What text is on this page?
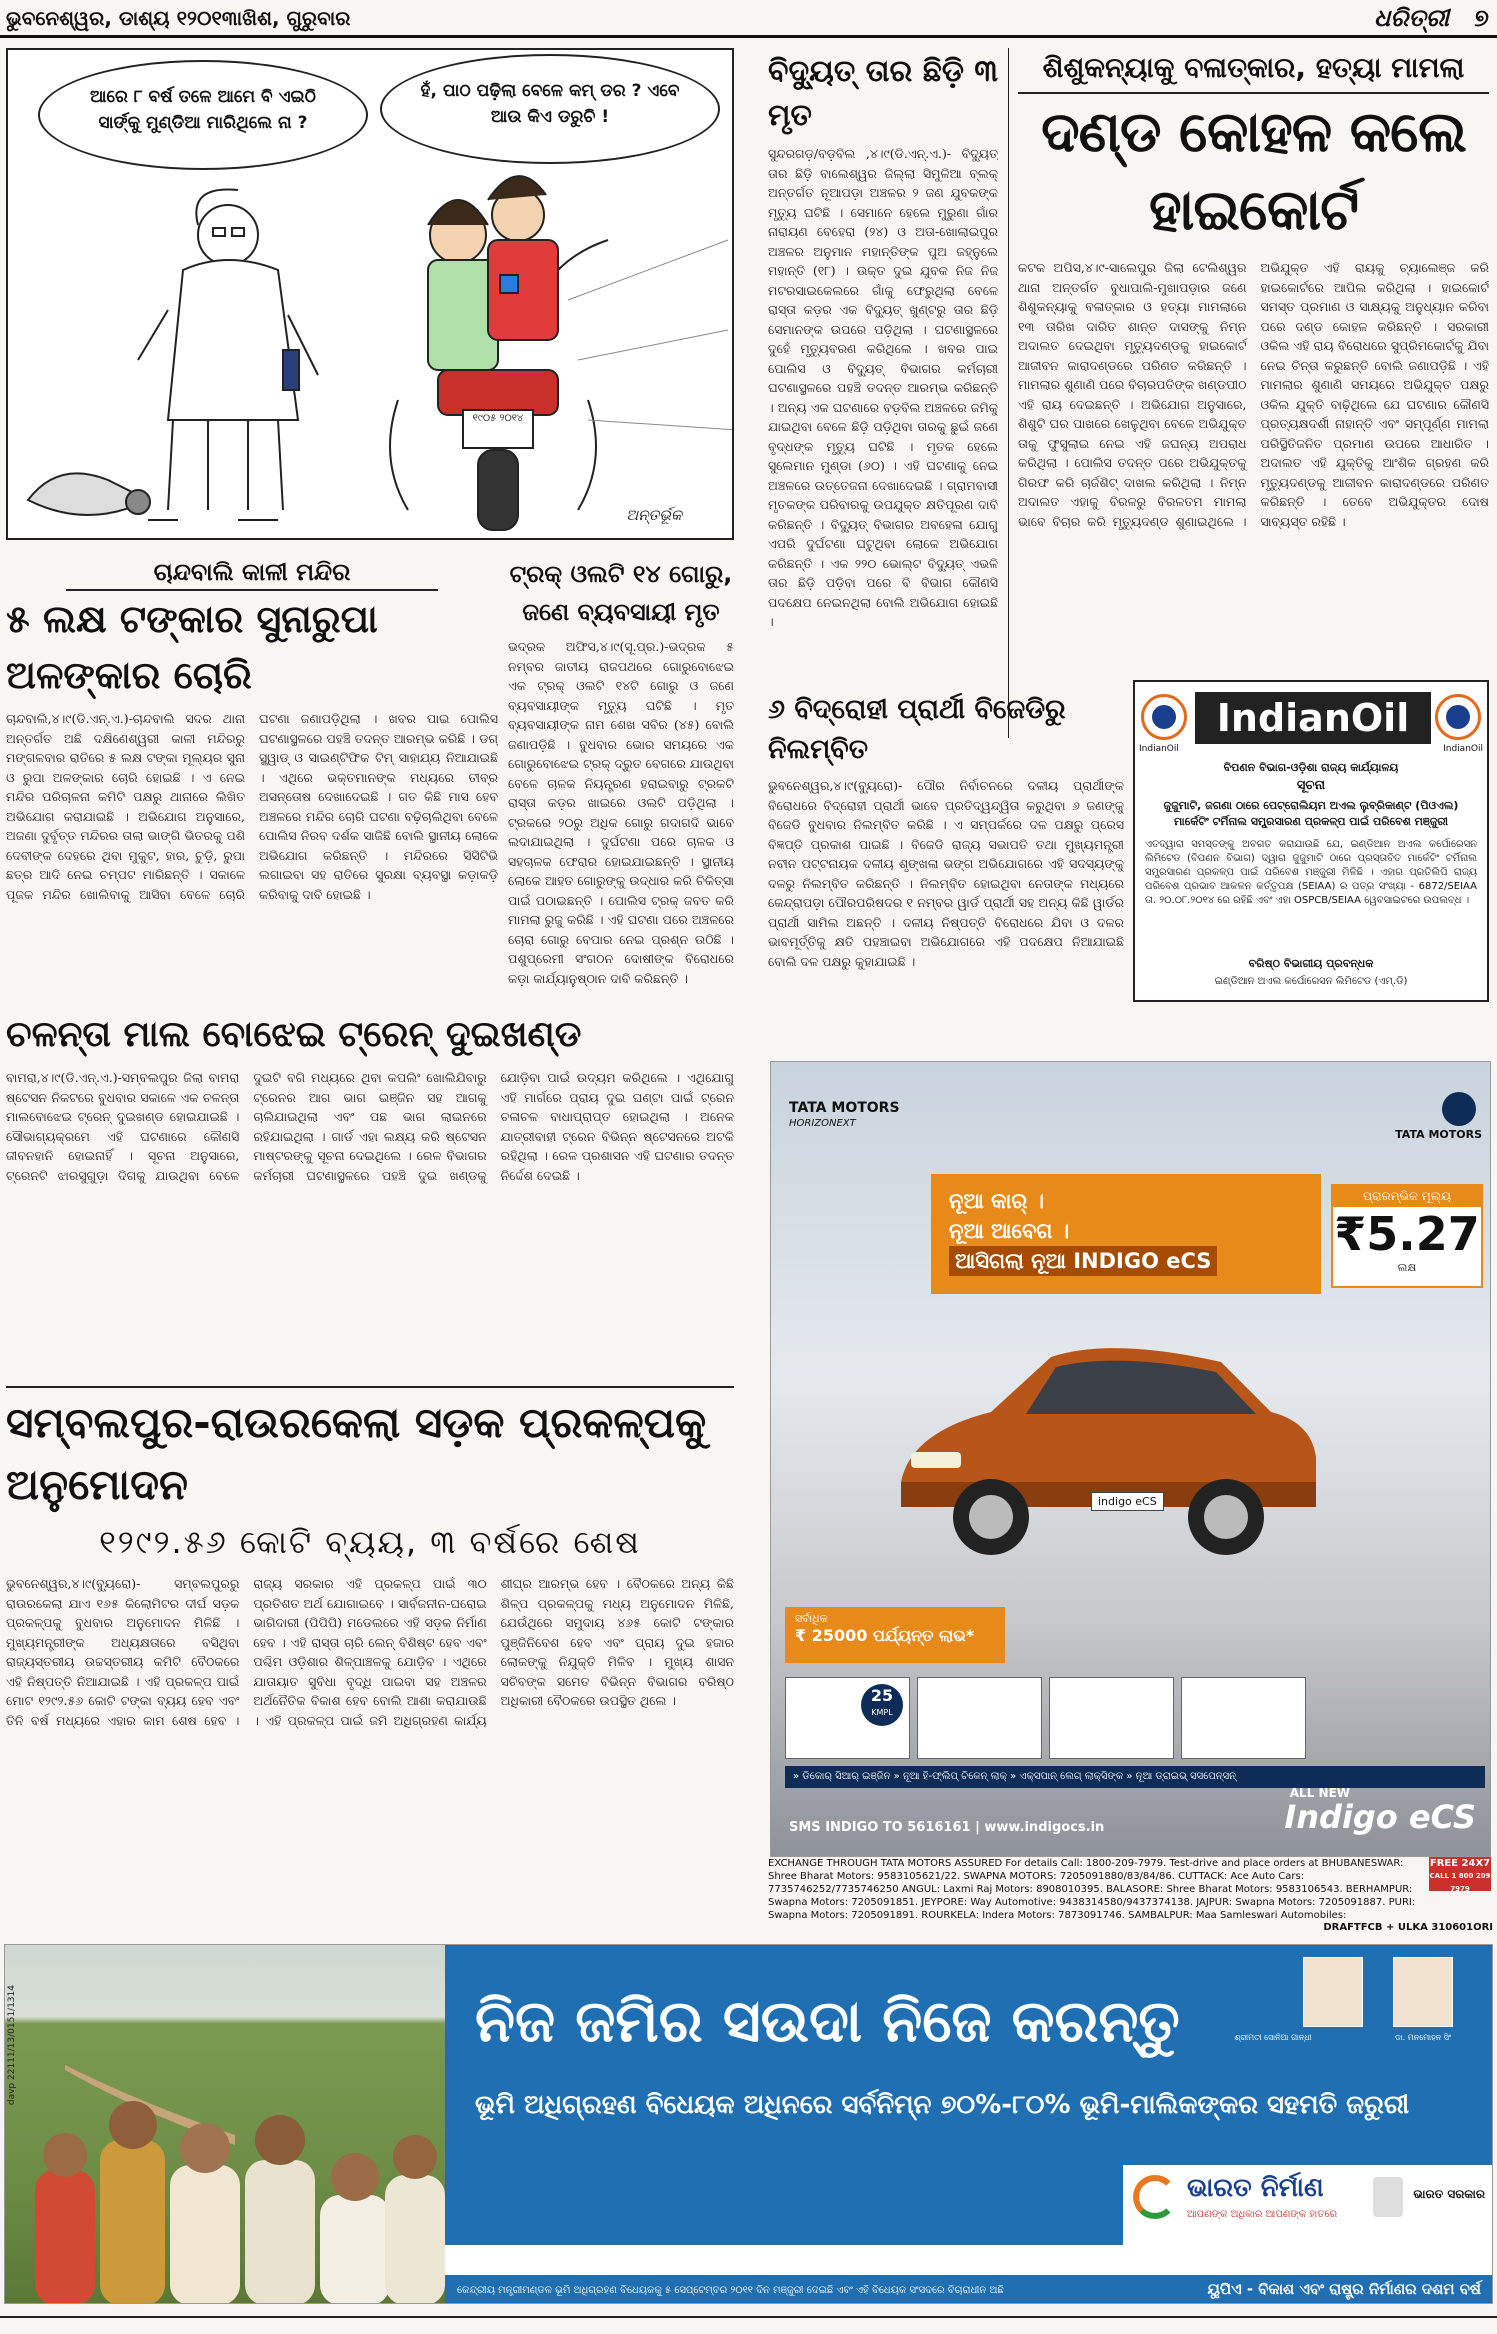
ଭୁବନେଶ୍ୱର, ଡାଶ୍ୟ ୧୨୦୧୩ାଖିଶ, ଗୁରୁବାର	ଧରିତ୍ରୀ ୭
ଆରେ ୮ ବର୍ଷ ତଳେ ଆମେ ବି ଏଇଠି ସାର୍ଙ୍କୁ ମୁଣ୍ଡିଆ ମାରିଥିଲେ ନା ?
ହଁ, ପାଠ ପଢ଼ିଲା ବେଳେ କମ୍ ଡର ? ଏବେ ଆଉ କିଏ ଡରୁଚି !
୧୯୦୫ ୨୦୧୪
ଅନ୍ତର୍ଭୂକ
ବିଦ୍ୟୁତ୍ ତାର ଛିଡ଼ି ୩ ମୃତ
ସୁନ୍ଦରଗଡ଼/ବଡ଼ବିଲ ,୪।୯(ଡି.ଏନ୍.ଏ.)- ବିଦ୍ୟୁତ୍ ତାର ଛିଡ଼ି ବାଲେଶ୍ୱର ଜିଲ୍ଲା ସିମୁଳିଆ ବ୍ଲକ୍ ଅନ୍ତର୍ଗତ ନୂଆପଡ଼ା ଅଞ୍ଚଳର ୨ ଜଣ ଯୁବକଙ୍କ ମୃତ୍ୟୁ ଘଟିଛି । ସେମାନେ ହେଲେ ମୁରୁଣା ଗାଁର ନାରାୟଣ ବେହେରା (୨୪) ଓ ଅତା-ଖୋଲାଇପୁର ଅଞ୍ଚଳର ଅନୁମାନ ମହାନ୍ତିଙ୍କ ପୁଅ ଜହ୍ନୁଲେ ମହାନ୍ତି (୧୮) । ଉକ୍ତ ଦୁଇ ଯୁବକ ନିଜ ନିଜ ମଟରସାଇକେଲରେ ଗାଁକୁ ଫେରୁଥିଲା ବେଳେ ରାସ୍ତା କଡ଼ର ଏକ ବିଦ୍ୟୁତ୍ ଖୁଣ୍ଟରୁ ତାର ଛିଡ଼ି ସେମାନଙ୍କ ଉପରେ ପଡ଼ିଥିଲା । ଘଟଣାସ୍ଥଳରେ ଦୁହେଁ ମୃତ୍ୟୁବରଣ କରିଥିଲେ । ଖବର ପାଇ ପୋଲିସ ଓ ବିଦ୍ୟୁତ୍ ବିଭାଗର କର୍ମଚାରୀ ଘଟଣାସ୍ଥଳରେ ପହଞ୍ଚି ତଦନ୍ତ ଆରମ୍ଭ କରିଛନ୍ତି । ଅନ୍ୟ ଏକ ଘଟଣାରେ ବଡ଼ବିଲ ଅଞ୍ଚଳରେ ଜମିକୁ ଯାଇଥିବା ବେଳେ ଛିଡ଼ି ପଡ଼ିଥିବା ତାରକୁ ଛୁଇଁ ଜଣେ ବୃଦ୍ଧଙ୍କ ମୃତ୍ୟୁ ଘଟିଛି । ମୃତକ ହେଲେ ସୁଲେମାନ ମୁଣ୍ଡା (୬୦) । ଏହି ଘଟଣାକୁ ନେଇ ଅଞ୍ଚଳରେ ଉତ୍ତେଜନା ଦେଖାଦେଇଛି । ଗ୍ରାମବାସୀ ମୃତକଙ୍କ ପରିବାରକୁ ଉପଯୁକ୍ତ କ୍ଷତିପୂରଣ ଦାବି କରିଛନ୍ତି । ବିଦ୍ୟୁତ୍ ବିଭାଗର ଅବହେଳା ଯୋଗୁ ଏପରି ଦୁର୍ଘଟଣା ଘଟୁଥିବା ଲୋକେ ଅଭିଯୋଗ କରିଛନ୍ତି । ଏକ ୨୨୦ ଭୋଲ୍ଟ ବିଦ୍ୟୁତ୍ ଏଭଳି ତାର ଛିଡ଼ି ପଡ଼ିବା ପରେ ବି ବିଭାଗ କୌଣସି ପଦକ୍ଷେପ ନେଇନଥିଲା ବୋଲି ଅଭିଯୋଗ ହୋଇଛି ।
ଶିଶୁକନ୍ୟାକୁ ବଳାତ୍କାର, ହତ୍ୟା ମାମଲା
ଦଣ୍ଡ କୋହଳ କଲେ ହାଇକୋର୍ଟ
କଟକ ଅପିସ,୪।୯-ସାଲେପୁର ଜିଲା ଟେଲିଶ୍ୱର ଥାନା ଅନ୍ତର୍ଗତ ବୁଧାପାଲି-ମୁଖାପଡ଼ାର ଜଣେ ଶିଶୁକନ୍ୟାକୁ ବଳାତ୍କାର ଓ ହତ୍ୟା ମାମଲାରେ ୧୩ ତାରିଖ ଦାରିତ ଶାନ୍ତ ଦାସଙ୍କୁ ନିମ୍ନ ଅଦାଲତ ଦେଇଥିବା ମୃତ୍ୟୁଦଣ୍ଡକୁ ହାଇକୋର୍ଟ ଆଜୀବନ କାରାଦଣ୍ଡରେ ପରିଣତ କରିଛନ୍ତି । ମାମଲାର ଶୁଣାଣି ପରେ ବିଚାରପତିଙ୍କ ଖଣ୍ଡପୀଠ ଏହି ରାୟ ଦେଇଛନ୍ତି । ଅଭିଯୋଗ ଅନୁସାରେ, ଶିଶୁଟି ଘର ପାଖରେ ଖେଳୁଥିବା ବେଳେ ଅଭିଯୁକ୍ତ ତାକୁ ଫୁସୁଲାଇ ନେଇ ଏହି ଜଘନ୍ୟ ଅପରାଧ କରିଥିଲା । ପୋଲିସ ତଦନ୍ତ ପରେ ଅଭିଯୁକ୍ତକୁ ଗିରଫ କରି ଚାର୍ଜଶିଟ୍ ଦାଖଲ କରିଥିଲା । ନିମ୍ନ ଅଦାଲତ ଏହାକୁ ବିରଳରୁ ବିରଳତମ ମାମଲା ଭାବେ ବିଚାର କରି ମୃତ୍ୟୁଦଣ୍ଡ ଶୁଣାଇଥିଲେ । ଅଭିଯୁକ୍ତ ଏହି ରାୟକୁ ଚ୍ୟାଲେଞ୍ଜ କରି ହାଇକୋର୍ଟରେ ଆପିଲ କରିଥିଲା । ହାଇକୋର୍ଟ ସମସ୍ତ ପ୍ରମାଣ ଓ ସାକ୍ଷ୍ୟକୁ ଅନୁଧ୍ୟାନ କରିବା ପରେ ଦଣ୍ଡ କୋହଳ କରିଛନ୍ତି । ସରକାରୀ ଓକିଲ ଏହି ରାୟ ବିରୋଧରେ ସୁପ୍ରିମକୋର୍ଟକୁ ଯିବା ନେଇ ଚିନ୍ତା କରୁଛନ୍ତି ବୋଲି ଜଣାପଡ଼ିଛି । ଏହି ମାମଲାର ଶୁଣାଣି ସମୟରେ ଅଭିଯୁକ୍ତ ପକ୍ଷରୁ ଓକିଲ ଯୁକ୍ତି ବାଢ଼ିଥିଲେ ଯେ ଘଟଣାର କୌଣସି ପ୍ରତ୍ୟକ୍ଷଦର୍ଶୀ ନାହାନ୍ତି ଏବଂ ସମ୍ପୂର୍ଣ୍ଣ ମାମଲା ପରିସ୍ଥିତିଜନିତ ପ୍ରମାଣ ଉପରେ ଆଧାରିତ । ଅଦାଲତ ଏହି ଯୁକ୍ତିକୁ ଆଂଶିକ ଗ୍ରହଣ କରି ମୃତ୍ୟୁଦଣ୍ଡକୁ ଆଜୀବନ କାରାଦଣ୍ଡରେ ପରିଣତ କରିଛନ୍ତି । ତେବେ ଅଭିଯୁକ୍ତର ଦୋଷ ସାବ୍ୟସ୍ତ ରହିଛି ।
ଚାନ୍ଦବାଲି କାଳୀ ମନ୍ଦିର
୫ ଲକ୍ଷ ଟଙ୍କାର ସୁନାରୁପା ଅଳଙ୍କାର ଚୋରି
ଚାନ୍ଦବାଲି,୪।୯(ଡି.ଏନ୍.ଏ.)-ଚାନ୍ଦବାଲି ସଦର ଥାନା ଅନ୍ତର୍ଗତ ଅଛି ଦକ୍ଷିଣେଶ୍ୱରୀ କାଳୀ ମନ୍ଦିରରୁ ମଙ୍ଗଳବାର ରାତିରେ ୫ ଲକ୍ଷ ଟଙ୍କା ମୂଲ୍ୟର ସୁନା ଓ ରୁପା ଅଳଙ୍କାର ଚୋରି ହୋଇଛି । ଏ ନେଇ ମନ୍ଦିର ପରିଚାଳନା କମିଟି ପକ୍ଷରୁ ଥାନାରେ ଲିଖିତ ଅଭିଯୋଗ କରାଯାଇଛି । ଅଭିଯୋଗ ଅନୁସାରେ, ଅଜଣା ଦୁର୍ବୃତ୍ତ ମନ୍ଦିରର ତାଲା ଭାଙ୍ଗି ଭିତରକୁ ପଶି ଦେବୀଙ୍କ ଦେହରେ ଥିବା ମୁକୁଟ, ହାର, ଚୁଡ଼ି, ରୁପା ଛତ୍ର ଆଦି ନେଇ ଚମ୍ପଟ ମାରିଛନ୍ତି । ସକାଳେ ପୂଜକ ମନ୍ଦିର ଖୋଲିବାକୁ ଆସିବା ବେଳେ ଚୋରି ଘଟଣା ଜଣାପଡ଼ିଥିଲା । ଖବର ପାଇ ପୋଲିସ ଘଟଣାସ୍ଥଳରେ ପହଞ୍ଚି ତଦନ୍ତ ଆରମ୍ଭ କରିଛି । ଡଗ୍ ସ୍କ୍ୱାଡ୍ ଓ ସାଇଣ୍ଟିଫିକ ଟିମ୍ ସାହାଯ୍ୟ ନିଆଯାଇଛି । ଏଥିରେ ଭକ୍ତମାନଙ୍କ ମଧ୍ୟରେ ତୀବ୍ର ଅସନ୍ତୋଷ ଦେଖାଦେଇଛି । ଗତ କିଛି ମାସ ହେବ ଅଞ୍ଚଳରେ ମନ୍ଦିର ଚୋରି ଘଟଣା ବଢ଼ିଚାଲିଥିବା ବେଳେ ପୋଲିସ ନିରବ ଦର୍ଶକ ସାଜିଛି ବୋଲି ସ୍ଥାନୀୟ ଲୋକେ ଅଭିଯୋଗ କରିଛନ୍ତି । ମନ୍ଦିରରେ ସିସିଟିଭି ଲଗାଇବା ସହ ରାତିରେ ସୁରକ୍ଷା ବ୍ୟବସ୍ଥା କଡ଼ାକଡ଼ି କରିବାକୁ ଦାବି ହୋଇଛି ।
ଟ୍ରକ୍ ଓଲଟି ୧୪ ଗୋରୁ, ଜଣେ ବ୍ୟବସାୟୀ ମୃତ
ଭଦ୍ରକ ଅଫିସ,୪।୯(ସୂ.ପ୍ର.)-ଭଦ୍ରକ ୫ ନମ୍ବର ଜାତୀୟ ରାଜପଥରେ ଗୋରୁବୋଝେଇ ଏକ ଟ୍ରକ୍ ଓଲଟି ୧୪ଟି ଗୋରୁ ଓ ଜଣେ ବ୍ୟବସାୟୀଙ୍କ ମୃତ୍ୟୁ ଘଟିଛି । ମୃତ ବ୍ୟବସାୟୀଙ୍କ ନାମ ଶେଖ ସବିର (୪୫) ବୋଲି ଜଣାପଡ଼ିଛି । ବୁଧବାର ଭୋର ସମୟରେ ଏକ ଗୋରୁବୋଝେଇ ଟ୍ରକ୍ ଦ୍ରୁତ ବେଗରେ ଯାଉଥିବା ବେଳେ ଚାଳକ ନିୟନ୍ତ୍ରଣ ହରାଇବାରୁ ଟ୍ରକଟି ରାସ୍ତା କଡ଼ର ଖାଇରେ ଓଲଟି ପଡ଼ିଥିଲା । ଟ୍ରକରେ ୨୦ରୁ ଅଧିକ ଗୋରୁ ଗଦାଗଦି ଭାବେ ଲଦାଯାଇଥିଲା । ଦୁର୍ଘଟଣା ପରେ ଚାଳକ ଓ ସହଚାଳକ ଫେରାର ହୋଇଯାଇଛନ୍ତି । ସ୍ଥାନୀୟ ଲୋକେ ଆହତ ଗୋରୁଙ୍କୁ ଉଦ୍ଧାର କରି ଚିକିତ୍ସା ପାଇଁ ପଠାଇଛନ୍ତି । ପୋଲିସ ଟ୍ରକ୍ ଜବତ କରି ମାମଲା ରୁଜୁ କରିଛି । ଏହି ଘଟଣା ପରେ ଅଞ୍ଚଳରେ ଚୋରା ଗୋରୁ ବେପାର ନେଇ ପ୍ରଶ୍ନ ଉଠିଛି । ପଶୁପ୍ରେମୀ ସଂଗଠନ ଦୋଷୀଙ୍କ ବିରୋଧରେ କଡ଼ା କାର୍ଯ୍ୟାନୁଷ୍ଠାନ ଦାବି କରିଛନ୍ତି ।
୬ ବିଦ୍ରୋହୀ ପ୍ରାର୍ଥୀ ବିଜେଡିରୁ ନିଲମ୍ବିତ
ଭୁବନେଶ୍ୱର,୪।୯(ବ୍ୟୁରୋ)- ପୌର ନିର୍ବାଚନରେ ଦଳୀୟ ପ୍ରାର୍ଥୀଙ୍କ ବିରୋଧରେ ବିଦ୍ରୋହୀ ପ୍ରାର୍ଥୀ ଭାବେ ପ୍ରତିଦ୍ୱନ୍ଦ୍ୱିତା କରୁଥିବା ୬ ଜଣଙ୍କୁ ବିଜେଡି ବୁଧବାର ନିଲମ୍ବିତ କରିଛି । ଏ ସମ୍ପର୍କରେ ଦଳ ପକ୍ଷରୁ ପ୍ରେସ ବିଜ୍ଞପ୍ତି ପ୍ରକାଶ ପାଇଛି । ବିଜେଡି ରାଜ୍ୟ ସଭାପତି ତଥା ମୁଖ୍ୟମନ୍ତ୍ରୀ ନବୀନ ପଟ୍ଟନାୟକ ଦଳୀୟ ଶୃଙ୍ଖଳା ଭଙ୍ଗ ଅଭିଯୋଗରେ ଏହି ସଦସ୍ୟଙ୍କୁ ଦଳରୁ ନିଲମ୍ବିତ କରିଛନ୍ତି । ନିଲମ୍ବିତ ହୋଇଥିବା ନେତାଙ୍କ ମଧ୍ୟରେ କେନ୍ଦ୍ରାପଡ଼ା ପୌରପରିଷଦର ୧ ନମ୍ବର ୱାର୍ଡ ପ୍ରାର୍ଥୀ ସହ ଅନ୍ୟ କିଛି ୱାର୍ଡର ପ୍ରାର୍ଥୀ ସାମିଲ ଅଛନ୍ତି । ଦଳୀୟ ନିଷ୍ପତ୍ତି ବିରୋଧରେ ଯିବା ଓ ଦଳର ଭାବମୂର୍ତ୍ତିକୁ କ୍ଷତି ପହଞ୍ଚାଇବା ଅଭିଯୋଗରେ ଏହି ପଦକ୍ଷେପ ନିଆଯାଇଛି ବୋଲି ଦଳ ପକ୍ଷରୁ କୁହାଯାଇଛି ।
IndianOil	IndianOil
IndianOil
ବିପଣନ ବିଭାଗ-ଓଡ଼ିଶା ରାଜ୍ୟ କାର୍ଯ୍ୟାଳୟ
ସୂଚନା
ଜୁଜୁମାଟି, ଜଗଣା ଠାରେ ପେଟ୍ରୋଲିୟମ ଅଏଲ ଲୁବ୍ରିକାଣ୍ଟ (ପିଓଏଲ) ମାର୍କେଟିଂ ଟର୍ମିନାଲ ସମ୍ପ୍ରସାରଣ ପ୍ରକଳ୍ପ ପାଇଁ ପରିବେଶ ମଞ୍ଜୁରୀ
ଏତଦ୍ୱାରା ସମସ୍ତଙ୍କୁ ଅବଗତ କରାଯାଉଛି ଯେ, ଇଣ୍ଡିଆନ ଅଏଲ କର୍ପୋରେସନ ଲିମିଟେଡ (ବିପଣନ ବିଭାଗ) ଦ୍ୱାରା ଜୁଜୁମାଟି ଠାରେ ପ୍ରସ୍ତାବିତ ମାର୍କେଟିଂ ଟର୍ମିନାଲ ସମ୍ପ୍ରସାରଣ ପ୍ରକଳ୍ପ ପାଇଁ ପରିବେଶ ମଞ୍ଜୁରୀ ମିଳିଛି । ଏହାର ପ୍ରତିଲିପି ରାଜ୍ୟ ପରିବେଶ ପ୍ରଭାବ ଆକଳନ କର୍ତ୍ତୃପକ୍ଷ (SEIAA) ର ପତ୍ର ସଂଖ୍ୟା - 6872/SEIAA ତା. ୨୦.୦୮.୨୦୧୪ ରେ ରହିଛି ଏବଂ ଏହା OSPCB/SEIAA ୱେବସାଇଟରେ ଉପଲବ୍ଧ ।
ବରିଷ୍ଠ ବିଭାଗୀୟ ପ୍ରବନ୍ଧକ
ଇଣ୍ଡିଆନ ଅଏଲ କର୍ପୋରେସନ ଲିମିଟେଡ (ଏମ୍.ଡି)
ଚଳନ୍ତା ମାଲ ବୋଝେଇ ଟ୍ରେନ୍ ଦୁଇଖଣ୍ଡ
ବାମରା,୪।୯(ଡି.ଏନ୍.ଏ.)-ସମ୍ବଲପୁର ଜିଲା ବାମରା ଷ୍ଟେସନ ନିକଟରେ ବୁଧବାର ସକାଳେ ଏକ ଚଳନ୍ତା ମାଲବୋଝେଇ ଟ୍ରେନ୍ ଦୁଇଖଣ୍ଡ ହୋଇଯାଇଛି । ସୌଭାଗ୍ୟକ୍ରମେ ଏହି ଘଟଣାରେ କୌଣସି ଜୀବନହାନି ହୋଇନାହିଁ । ସୂଚନା ଅନୁସାରେ, ଟ୍ରେନଟି ଝାରସୁଗୁଡ଼ା ଦିଗକୁ ଯାଉଥିବା ବେଳେ ଦୁଇଟି ବଗି ମଧ୍ୟରେ ଥିବା କପଲିଂ ଖୋଲିଯିବାରୁ ଟ୍ରେନର ଆଗ ଭାଗ ଇଞ୍ଜିନ ସହ ଆଗକୁ ଚାଲିଯାଇଥିଲା ଏବଂ ପଛ ଭାଗ ଲାଇନରେ ରହିଯାଇଥିଲା । ଗାର୍ଡ ଏହା ଲକ୍ଷ୍ୟ କରି ଷ୍ଟେସନ ମାଷ୍ଟରଙ୍କୁ ସୂଚନା ଦେଇଥିଲେ । ରେଳ ବିଭାଗର କର୍ମଚାରୀ ଘଟଣାସ୍ଥଳରେ ପହଞ୍ଚି ଦୁଇ ଖଣ୍ଡକୁ ଯୋଡ଼ିବା ପାଇଁ ଉଦ୍ୟମ କରିଥିଲେ । ଏଥିଯୋଗୁ ଏହି ମାର୍ଗରେ ପ୍ରାୟ ଦୁଇ ଘଣ୍ଟା ପାଇଁ ଟ୍ରେନ ଚଳାଚଳ ବାଧାପ୍ରାପ୍ତ ହୋଇଥିଲା । ଅନେକ ଯାତ୍ରୀବାହୀ ଟ୍ରେନ ବିଭିନ୍ନ ଷ୍ଟେସନରେ ଅଟକି ରହିଥିଲା । ରେଳ ପ୍ରଶାସନ ଏହି ଘଟଣାର ତଦନ୍ତ ନିର୍ଦ୍ଦେଶ ଦେଇଛି ।
ସମ୍ବଲପୁର-ରାଉରକେଲା ସଡ଼କ ପ୍ରକଳ୍ପକୁ ଅନୁମୋଦନ
୧୨୯୨.୫୬ କୋଟି ବ୍ୟୟ, ୩ ବର୍ଷରେ ଶେଷ
ଭୁବନେଶ୍ୱର,୪।୯(ବ୍ୟୁରୋ)- ସମ୍ବଲପୁରରୁ ରାଉରକେଲା ଯାଏ ୧୬୫ କିଲୋମିଟର ଦୀର୍ଘ ସଡ଼କ ପ୍ରକଳ୍ପକୁ ବୁଧବାର ଅନୁମୋଦନ ମିଳିଛି । ମୁଖ୍ୟମନ୍ତ୍ରୀଙ୍କ ଅଧ୍ୟକ୍ଷତାରେ ବସିଥିବା ରାଜ୍ୟସ୍ତରୀୟ ଉଚ୍ଚସ୍ତରୀୟ କମିଟି ବୈଠକରେ ଏହି ନିଷ୍ପତ୍ତି ନିଆଯାଇଛି । ଏହି ପ୍ରକଳ୍ପ ପାଇଁ ମୋଟ ୧୨୯୨.୫୬ କୋଟି ଟଙ୍କା ବ୍ୟୟ ହେବ ଏବଂ ତିନି ବର୍ଷ ମଧ୍ୟରେ ଏହାର କାମ ଶେଷ ହେବ । ରାଜ୍ୟ ସରକାର ଏହି ପ୍ରକଳ୍ପ ପାଇଁ ୩୦ ପ୍ରତିଶତ ଅର୍ଥ ଯୋଗାଇବେ । ସାର୍ବଜନୀନ-ଘରୋଇ ଭାଗିଦାରୀ (ପିପିପି) ମଡେଲରେ ଏହି ସଡ଼କ ନିର୍ମାଣ ହେବ । ଏହି ରାସ୍ତା ଚାରି ଲେନ୍ ବିଶିଷ୍ଟ ହେବ ଏବଂ ପଶ୍ଚିମ ଓଡ଼ିଶାର ଶିଳ୍ପାଞ୍ଚଳକୁ ଯୋଡ଼ିବ । ଏଥିରେ ଯାତାୟାତ ସୁବିଧା ବୃଦ୍ଧି ପାଇବା ସହ ଅଞ୍ଚଳର ଅର୍ଥନୈତିକ ବିକାଶ ହେବ ବୋଲି ଆଶା କରାଯାଉଛି । ଏହି ପ୍ରକଳ୍ପ ପାଇଁ ଜମି ଅଧିଗ୍ରହଣ କାର୍ଯ୍ୟ ଶୀଘ୍ର ଆରମ୍ଭ ହେବ । ବୈଠକରେ ଅନ୍ୟ କିଛି ଶିଳ୍ପ ପ୍ରକଳ୍ପକୁ ମଧ୍ୟ ଅନୁମୋଦନ ମିଳିଛି, ଯେଉଁଥିରେ ସମୁଦାୟ ୪୬୫ କୋଟି ଟଙ୍କାର ପୁଞ୍ଜିନିବେଶ ହେବ ଏବଂ ପ୍ରାୟ ଦୁଇ ହଜାର ଲୋକଙ୍କୁ ନିଯୁକ୍ତି ମିଳିବ । ମୁଖ୍ୟ ଶାସନ ସଚିବଙ୍କ ସମେତ ବିଭିନ୍ନ ବିଭାଗର ବରିଷ୍ଠ ଅଧିକାରୀ ବୈଠକରେ ଉପସ୍ଥିତ ଥିଲେ ।
TATA MOTORS
HORIZONEXT
TATA MOTORS
ନୂଆ କାର୍ ।
ନୂଆ ଆବେଗ ।
ଆସିଗଲା ନୂଆ INDIGO eCS
ପ୍ରାରମ୍ଭିକ ମୂଲ୍ୟ
₹5.27
ଲକ୍ଷ
indigo eCS
ସର୍ବାଧିକ
₹ 25000 ପର୍ଯ୍ୟନ୍ତ ଲାଭ*
25
KMPL
» ଡିକୋର୍ ସିଆର୍ ଇଞ୍ଜିନ » ନୂଆ ହି-ଫ୍ଲିପ୍ ଚିକେନ୍ ଲାକ୍ » ଏକ୍ସପାନ୍ ଲେଗ୍ ଲାକ୍ସିଙ୍କ » ନୂଆ ଡ୍ରାଇଭ୍ ସସପେନ୍ସନ୍
ALL NEW
Indigo eCS
SMS INDIGO TO 5616161 | www.indigocs.in
FREE 24X7
CALL 1 800 209 7979
EXCHANGE THROUGH TATA MOTORS ASSURED For details Call: 1800-209-7979. Test-drive and place orders at BHUBANESWAR: Shree Bharat Motors: 9583105621/22. SWAPNA MOTORS: 7205091880/83/84/86. CUTTACK: Ace Auto Cars: 7735746252/7735746250 ANGUL: Laxmi Raj Motors: 8908010395. BALASORE: Shree Bharat Motors: 9583106543. BERHAMPUR: Swapna Motors: 7205091851. JEYPORE: Way Automotive: 9438314580/9437374138. JAJPUR: Swapna Motors: 7205091887. PURI: Swapna Motors: 7205091891. ROURKELA: Indera Motors: 7873091746. SAMBALPUR: Maa Samleswari Automobiles:
DRAFTFCB + ULKA 310601ORI
davp 22111/13/0151/1314	ନିଜ ଜମିର ସଉଦା ନିଜେ କରନ୍ତୁ
ଭୂମି ଅଧିଗ୍ରହଣ ବିଧେୟକ ଅଧିନରେ ସର୍ବନିମ୍ନ ୭୦%-୮୦% ଭୂମି-ମାଲିକଙ୍କର ସହମତି ଜରୁରୀ
ଶ୍ରୀମତୀ ସୋନିଆ ଗାନ୍ଧୀ	ଡା. ମନମୋହନ ସିଂ
ଭାରତ ନିର୍ମାଣ
ଆପଣଙ୍କ ଅଧିକାର ଆପଣଙ୍କ ହାତରେ
ଭାରତ ସରକାର
କେନ୍ଦ୍ରୀୟ ମନ୍ତ୍ରୀମଣ୍ଡଳ ଭୂମି ଅଧିଗ୍ରହଣ ବିଧେୟକକୁ ୫ ସେପ୍ଟେମ୍ବର ୨୦୧୧ ଦିନ ମଞ୍ଜୁରୀ ଦେଇଛି ଏବଂ ଏହି ବିଧେୟକ ସଂସଦରେ ବିଚାରାଧୀନ ଅଛି	ୟୁପିଏ - ବିକାଶ ଏବଂ ରାଷ୍ଟ୍ର ନିର୍ମାଣର ଦଶମ ବର୍ଷ
